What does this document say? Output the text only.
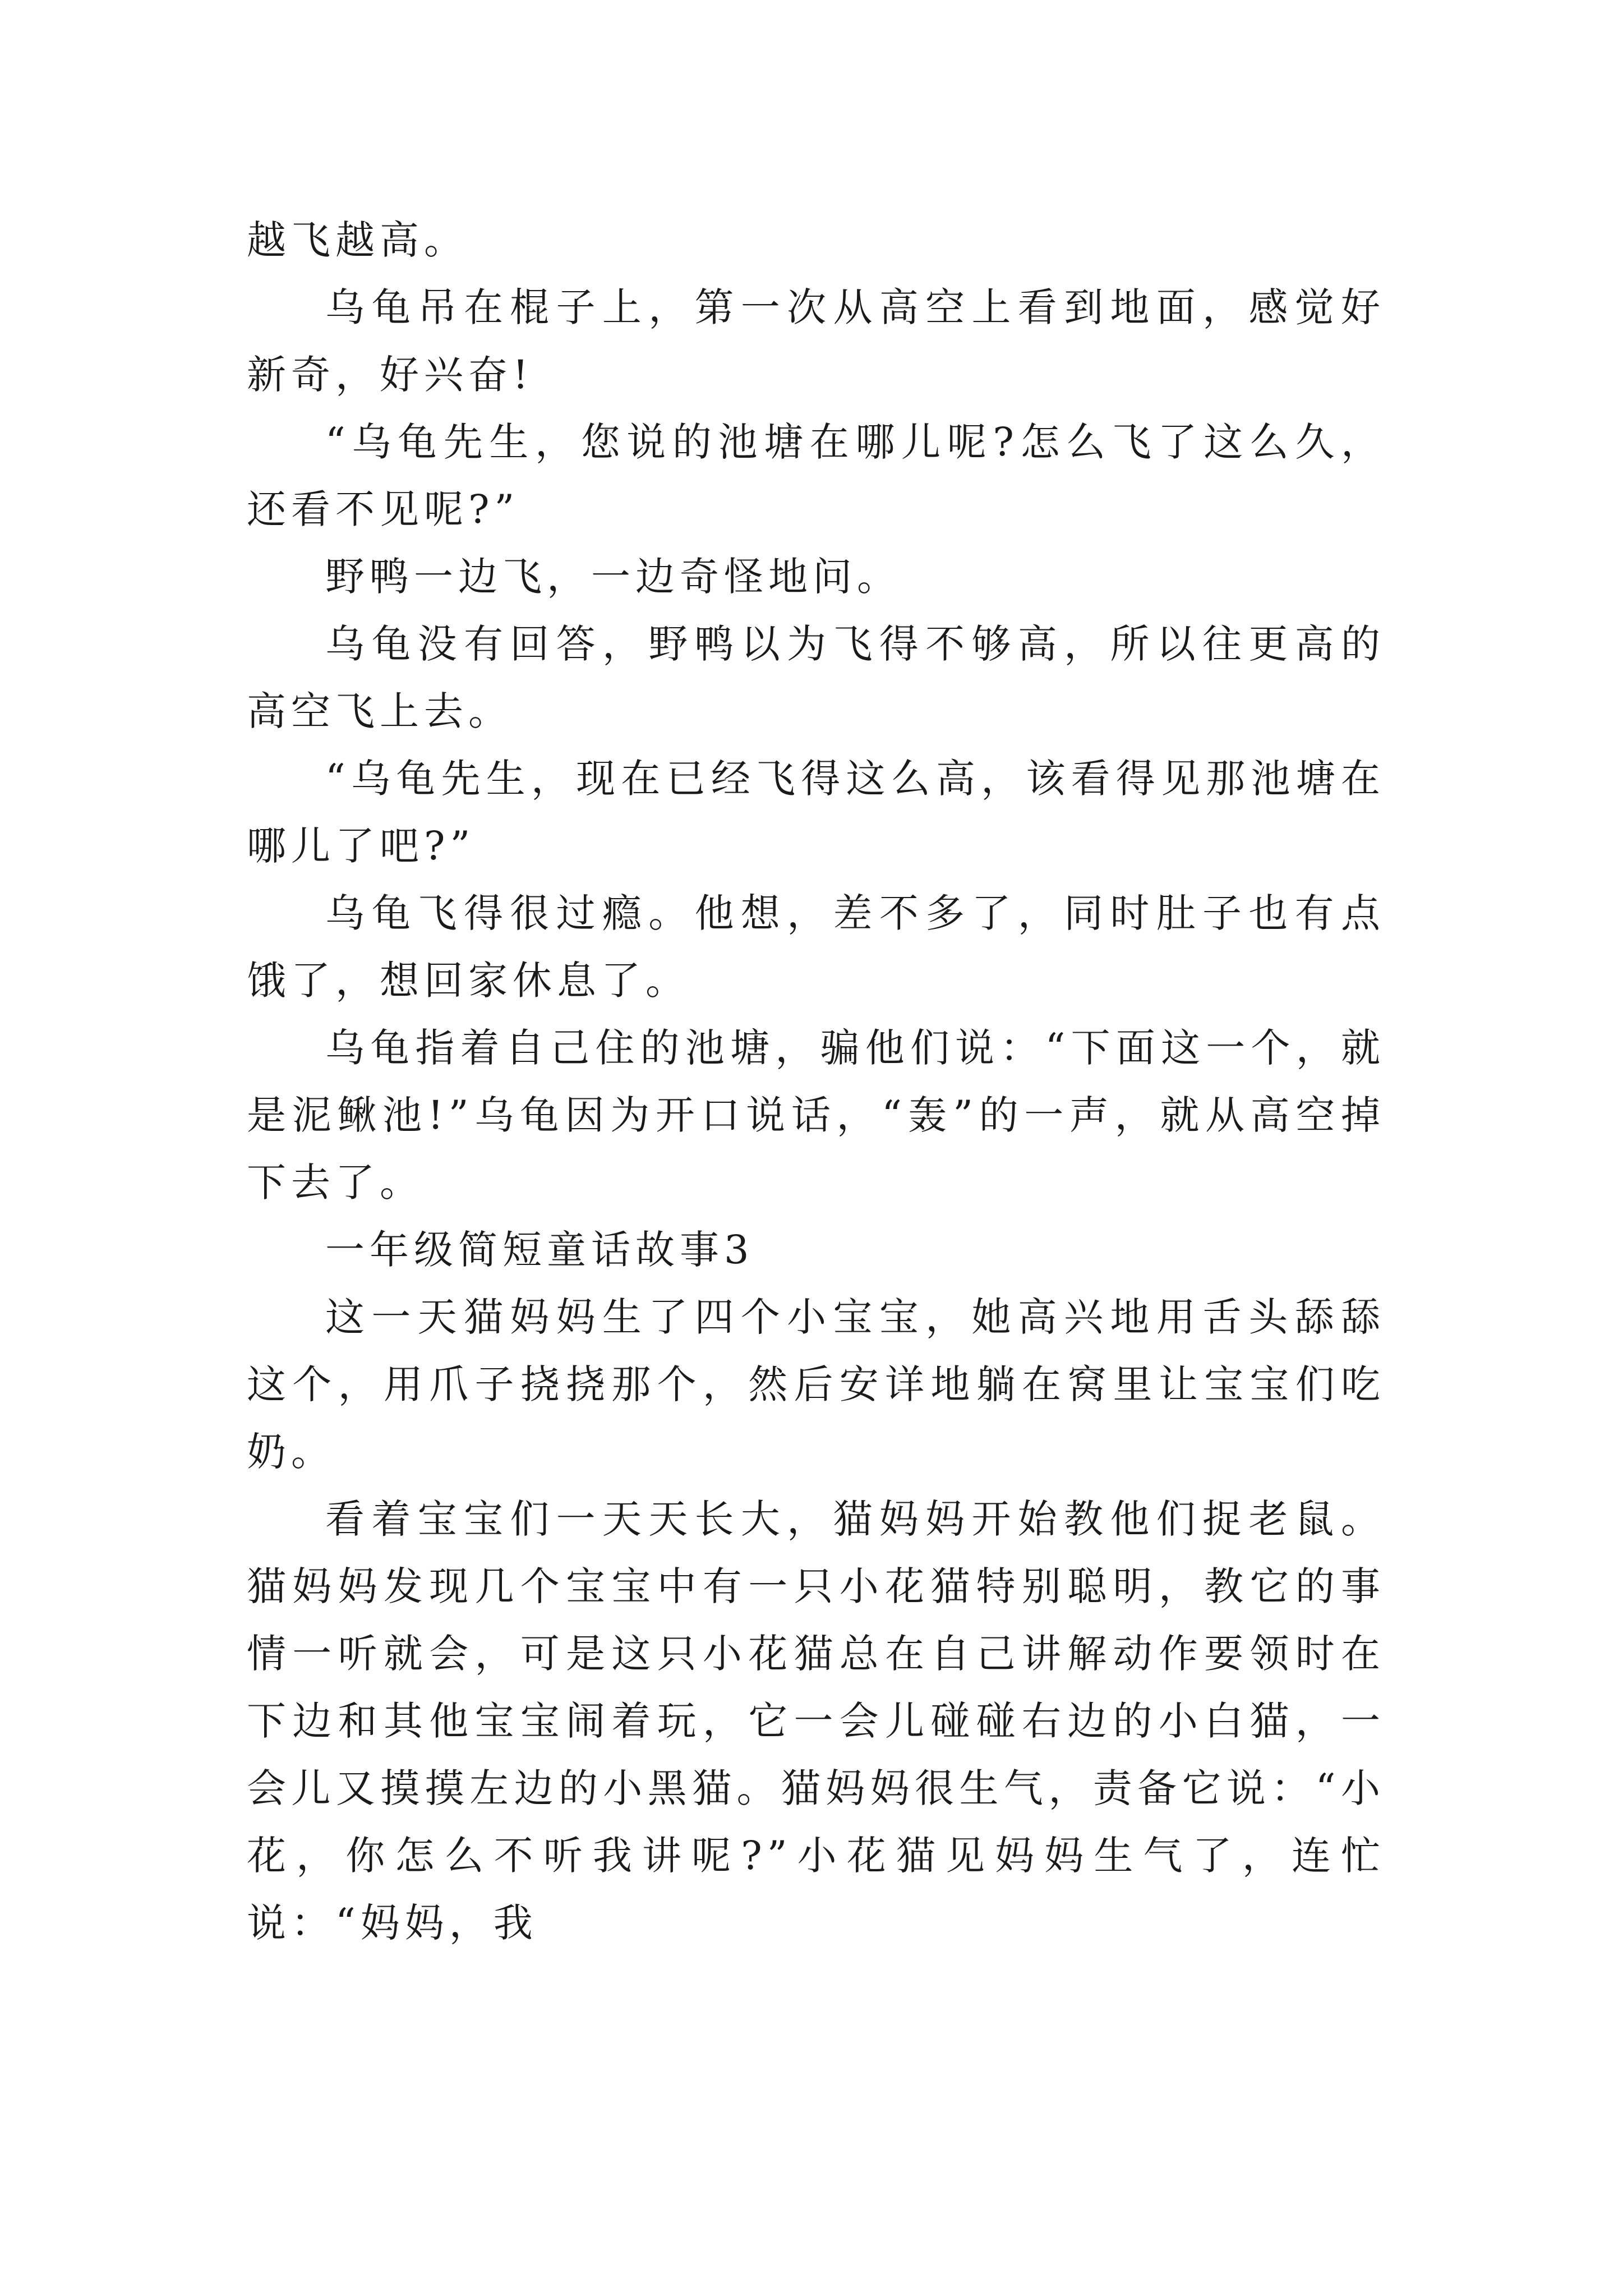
越飞越高。

乌龟吊在棍子上，第一次从高空上看到地面，感觉好新奇，好兴奋!

“乌龟先生，您说的池塘在哪儿呢?怎么飞了这么久，还看不见呢?”

野鸭一边飞，一边奇怪地问。

乌龟没有回答，野鸭以为飞得不够高，所以往更高的高空飞上去。

“乌龟先生，现在已经飞得这么高，该看得见那池塘在哪儿了吧?”

乌龟飞得很过瘾。他想，差不多了，同时肚子也有点饿了，想回家休息了。

乌龟指着自己住的池塘，骗他们说：“下面这一个，就是泥鳅池!”乌龟因为开口说话，“轰”的一声，就从高空掉下去了。

一年级简短童话故事3

这一天猫妈妈生了四个小宝宝，她高兴地用舌头舔舔这个，用爪子挠挠那个，然后安详地躺在窝里让宝宝们吃奶。

看着宝宝们一天天长大，猫妈妈开始教他们捉老鼠。猫妈妈发现几个宝宝中有一只小花猫特别聪明，教它的事情一听就会，可是这只小花猫总在自己讲解动作要领时在下边和其他宝宝闹着玩，它一会儿碰碰右边的小白猫，一会儿又摸摸左边的小黑猫。猫妈妈很生气，责备它说：“小花，你怎么不听我讲呢?”小花猫见妈妈生气了，连忙说：“妈妈，我
